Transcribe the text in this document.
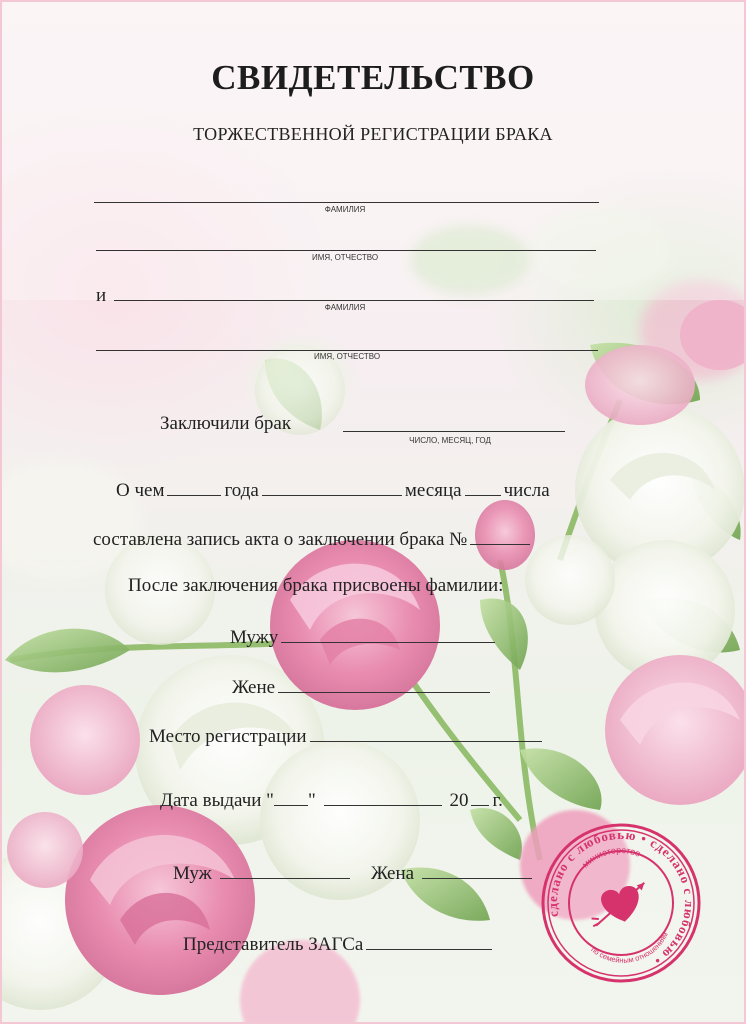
СВИДЕТЕЛЬСТВО
ТОРЖЕСТВЕННОЙ РЕГИСТРАЦИИ БРАКА
ФАМИЛИЯ
ИМЯ, ОТЧЕСТВО
и
ФАМИЛИЯ
ИМЯ, ОТЧЕСТВО
Заключили брак
ЧИСЛО, МЕСЯЦ, ГОД
О чем	года	месяца числа
составлена запись акта о заключении брака №
После заключения брака присвоены фамилии:
Мужу
Жене
Место регистрации
Дата выдачи " "	20 г.
Муж	Жена
Представитель ЗАГСа
сделано с любовью • сделано с любовью •
министерство
по семейным отношениям
